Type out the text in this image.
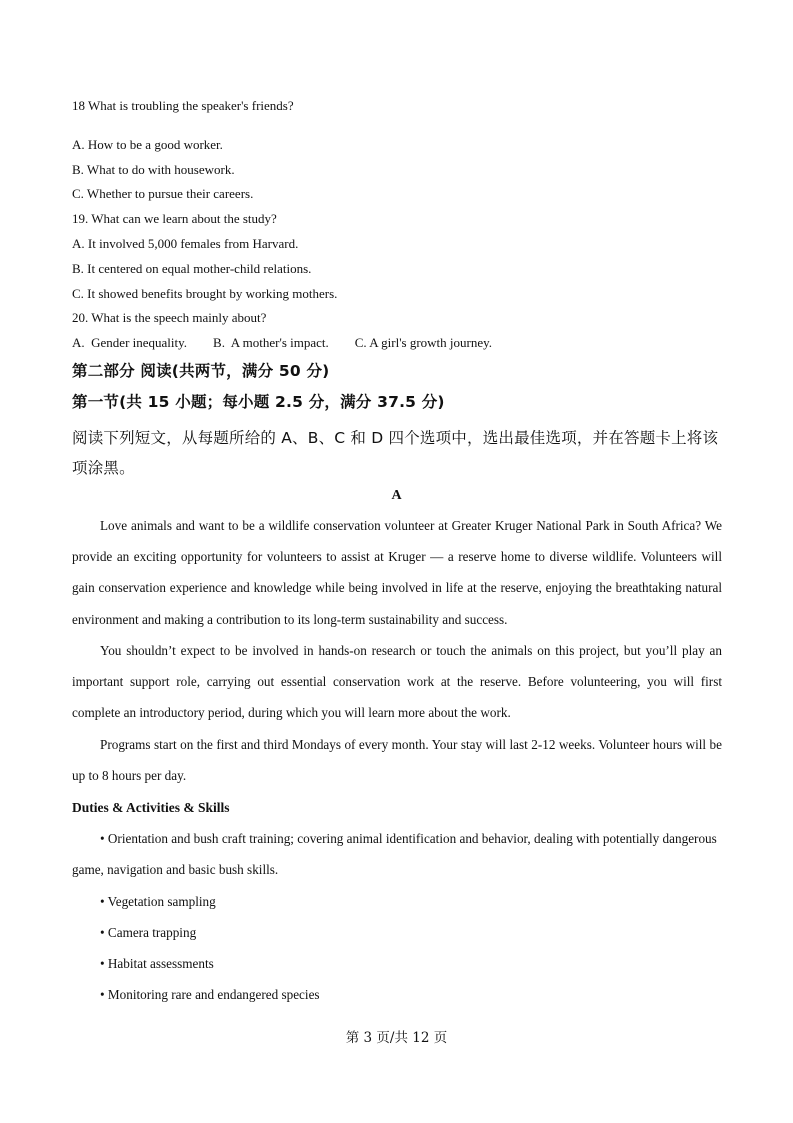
18 What is troubling the speaker's friends?
A. How to be a good worker.
B. What to do with housework.
C. Whether to pursue their careers.
19. What can we learn about the study?
A. It involved 5,000 females from Harvard.
B. It centered on equal mother-child relations.
C. It showed benefits brought by working mothers.
20. What is the speech mainly about?
A.  Gender inequality.        B.  A mother's impact.        C. A girl's growth journey.
第二部分 阅读(共两节，满分 50 分)
第一节(共 15 小题；每小题 2.5 分，满分 37.5 分)
阅读下列短文，从每题所给的 A、B、C 和 D 四个选项中，选出最佳选项，并在答题卡上将该项涂黑。
A

Love animals and want to be a wildlife conservation volunteer at Greater Kruger National Park in South Africa? We provide an exciting opportunity for volunteers to assist at Kruger — a reserve home to diverse wildlife. Volunteers will gain conservation experience and knowledge while being involved in life at the reserve, enjoying the breathtaking natural environment and making a contribution to its long-term sustainability and success.

You shouldn’t expect to be involved in hands-on research or touch the animals on this project, but you’ll play an important support role, carrying out essential conservation work at the reserve. Before volunteering, you will first complete an introductory period, during which you will learn more about the work.

Programs start on the first and third Mondays of every month. Your stay will last 2-12 weeks. Volunteer hours will be up to 8 hours per day.

Duties & Activities & Skills

• Orientation and bush craft training; covering animal identification and behavior, dealing with potentially dangerous game, navigation and basic bush skills.

• Vegetation sampling
• Camera trapping
• Habitat assessments
• Monitoring rare and endangered species
第 3 页/共 12 页
